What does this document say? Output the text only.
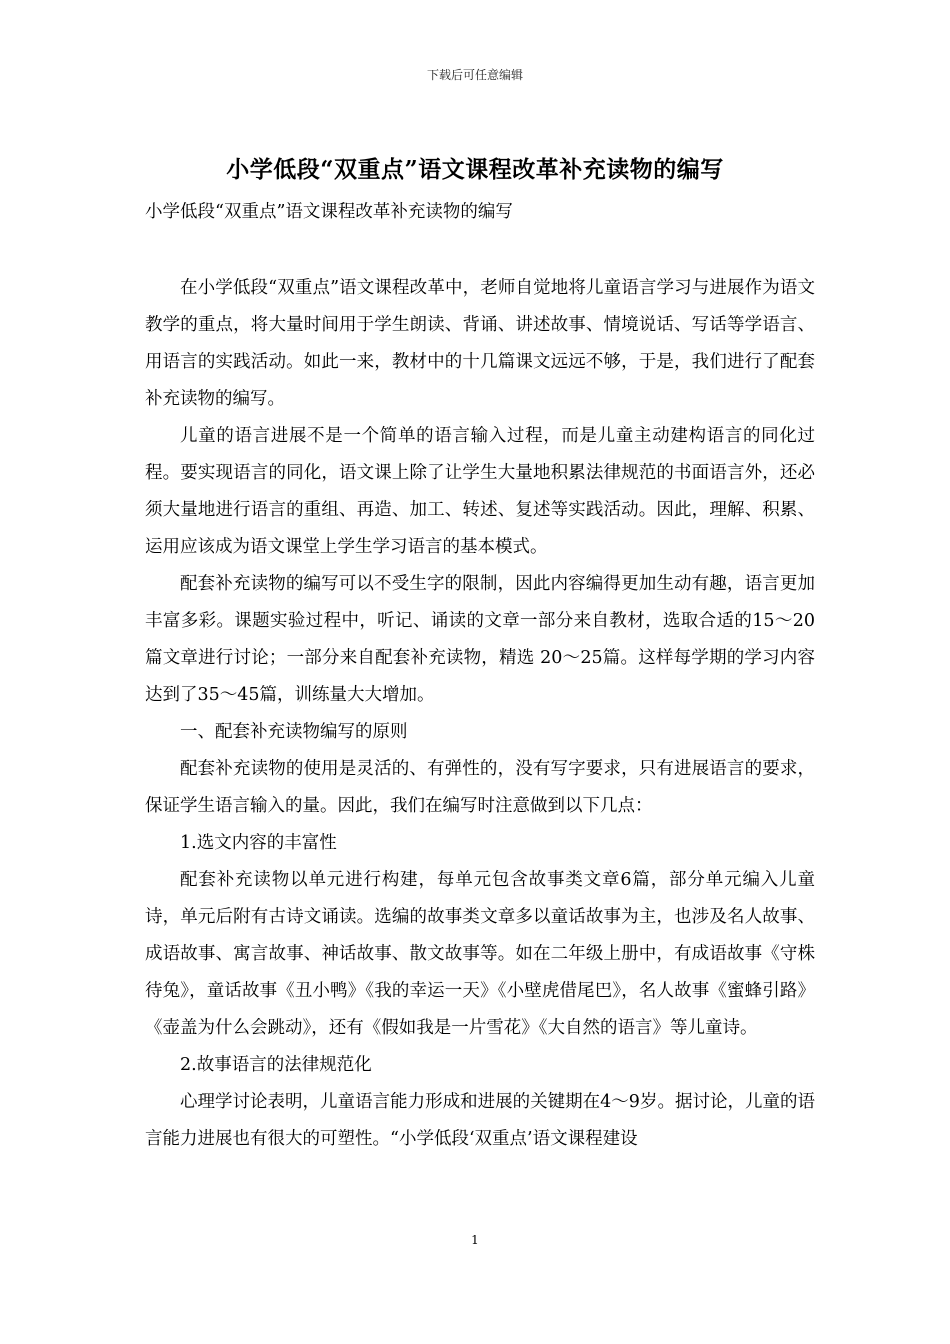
下载后可任意编辑
小学低段“双重点”语文课程改革补充读物的编写
小学低段“双重点”语文课程改革补充读物的编写

在小学低段“双重点”语文课程改革中，老师自觉地将儿童语言学习与进展作为语文教学的重点，将大量时间用于学生朗读、背诵、讲述故事、情境说话、写话等学语言、用语言的实践活动。如此一来，教材中的十几篇课文远远不够，于是，我们进行了配套补充读物的编写。

儿童的语言进展不是一个简单的语言输入过程，而是儿童主动建构语言的同化过程。要实现语言的同化，语文课上除了让学生大量地积累法律规范的书面语言外，还必须大量地进行语言的重组、再造、加工、转述、复述等实践活动。因此，理解、积累、运用应该成为语文课堂上学生学习语言的基本模式。

配套补充读物的编写可以不受生字的限制，因此内容编得更加生动有趣，语言更加丰富多彩。课题实验过程中，听记、诵读的文章一部分来自教材，选取合适的15～20篇文章进行讨论；一部分来自配套补充读物，精选 20～25篇。这样每学期的学习内容达到了35～45篇，训练量大大增加。

一、配套补充读物编写的原则

配套补充读物的使用是灵活的、有弹性的，没有写字要求，只有进展语言的要求，保证学生语言输入的量。因此，我们在编写时注意做到以下几点：

1.选文内容的丰富性

配套补充读物以单元进行构建，每单元包含故事类文章6篇，部分单元编入儿童诗，单元后附有古诗文诵读。选编的故事类文章多以童话故事为主，也涉及名人故事、成语故事、寓言故事、神话故事、散文故事等。如在二年级上册中，有成语故事《守株待兔》，童话故事《丑小鸭》《我的幸运一天》《小壁虎借尾巴》，名人故事《蜜蜂引路》《壶盖为什么会跳动》，还有《假如我是一片雪花》《大自然的语言》等儿童诗。

2.故事语言的法律规范化

心理学讨论表明，儿童语言能力形成和进展的关键期在4～9岁。据讨论，儿童的语言能力进展也有很大的可塑性。“小学低段‘双重点’语文课程建设

1
